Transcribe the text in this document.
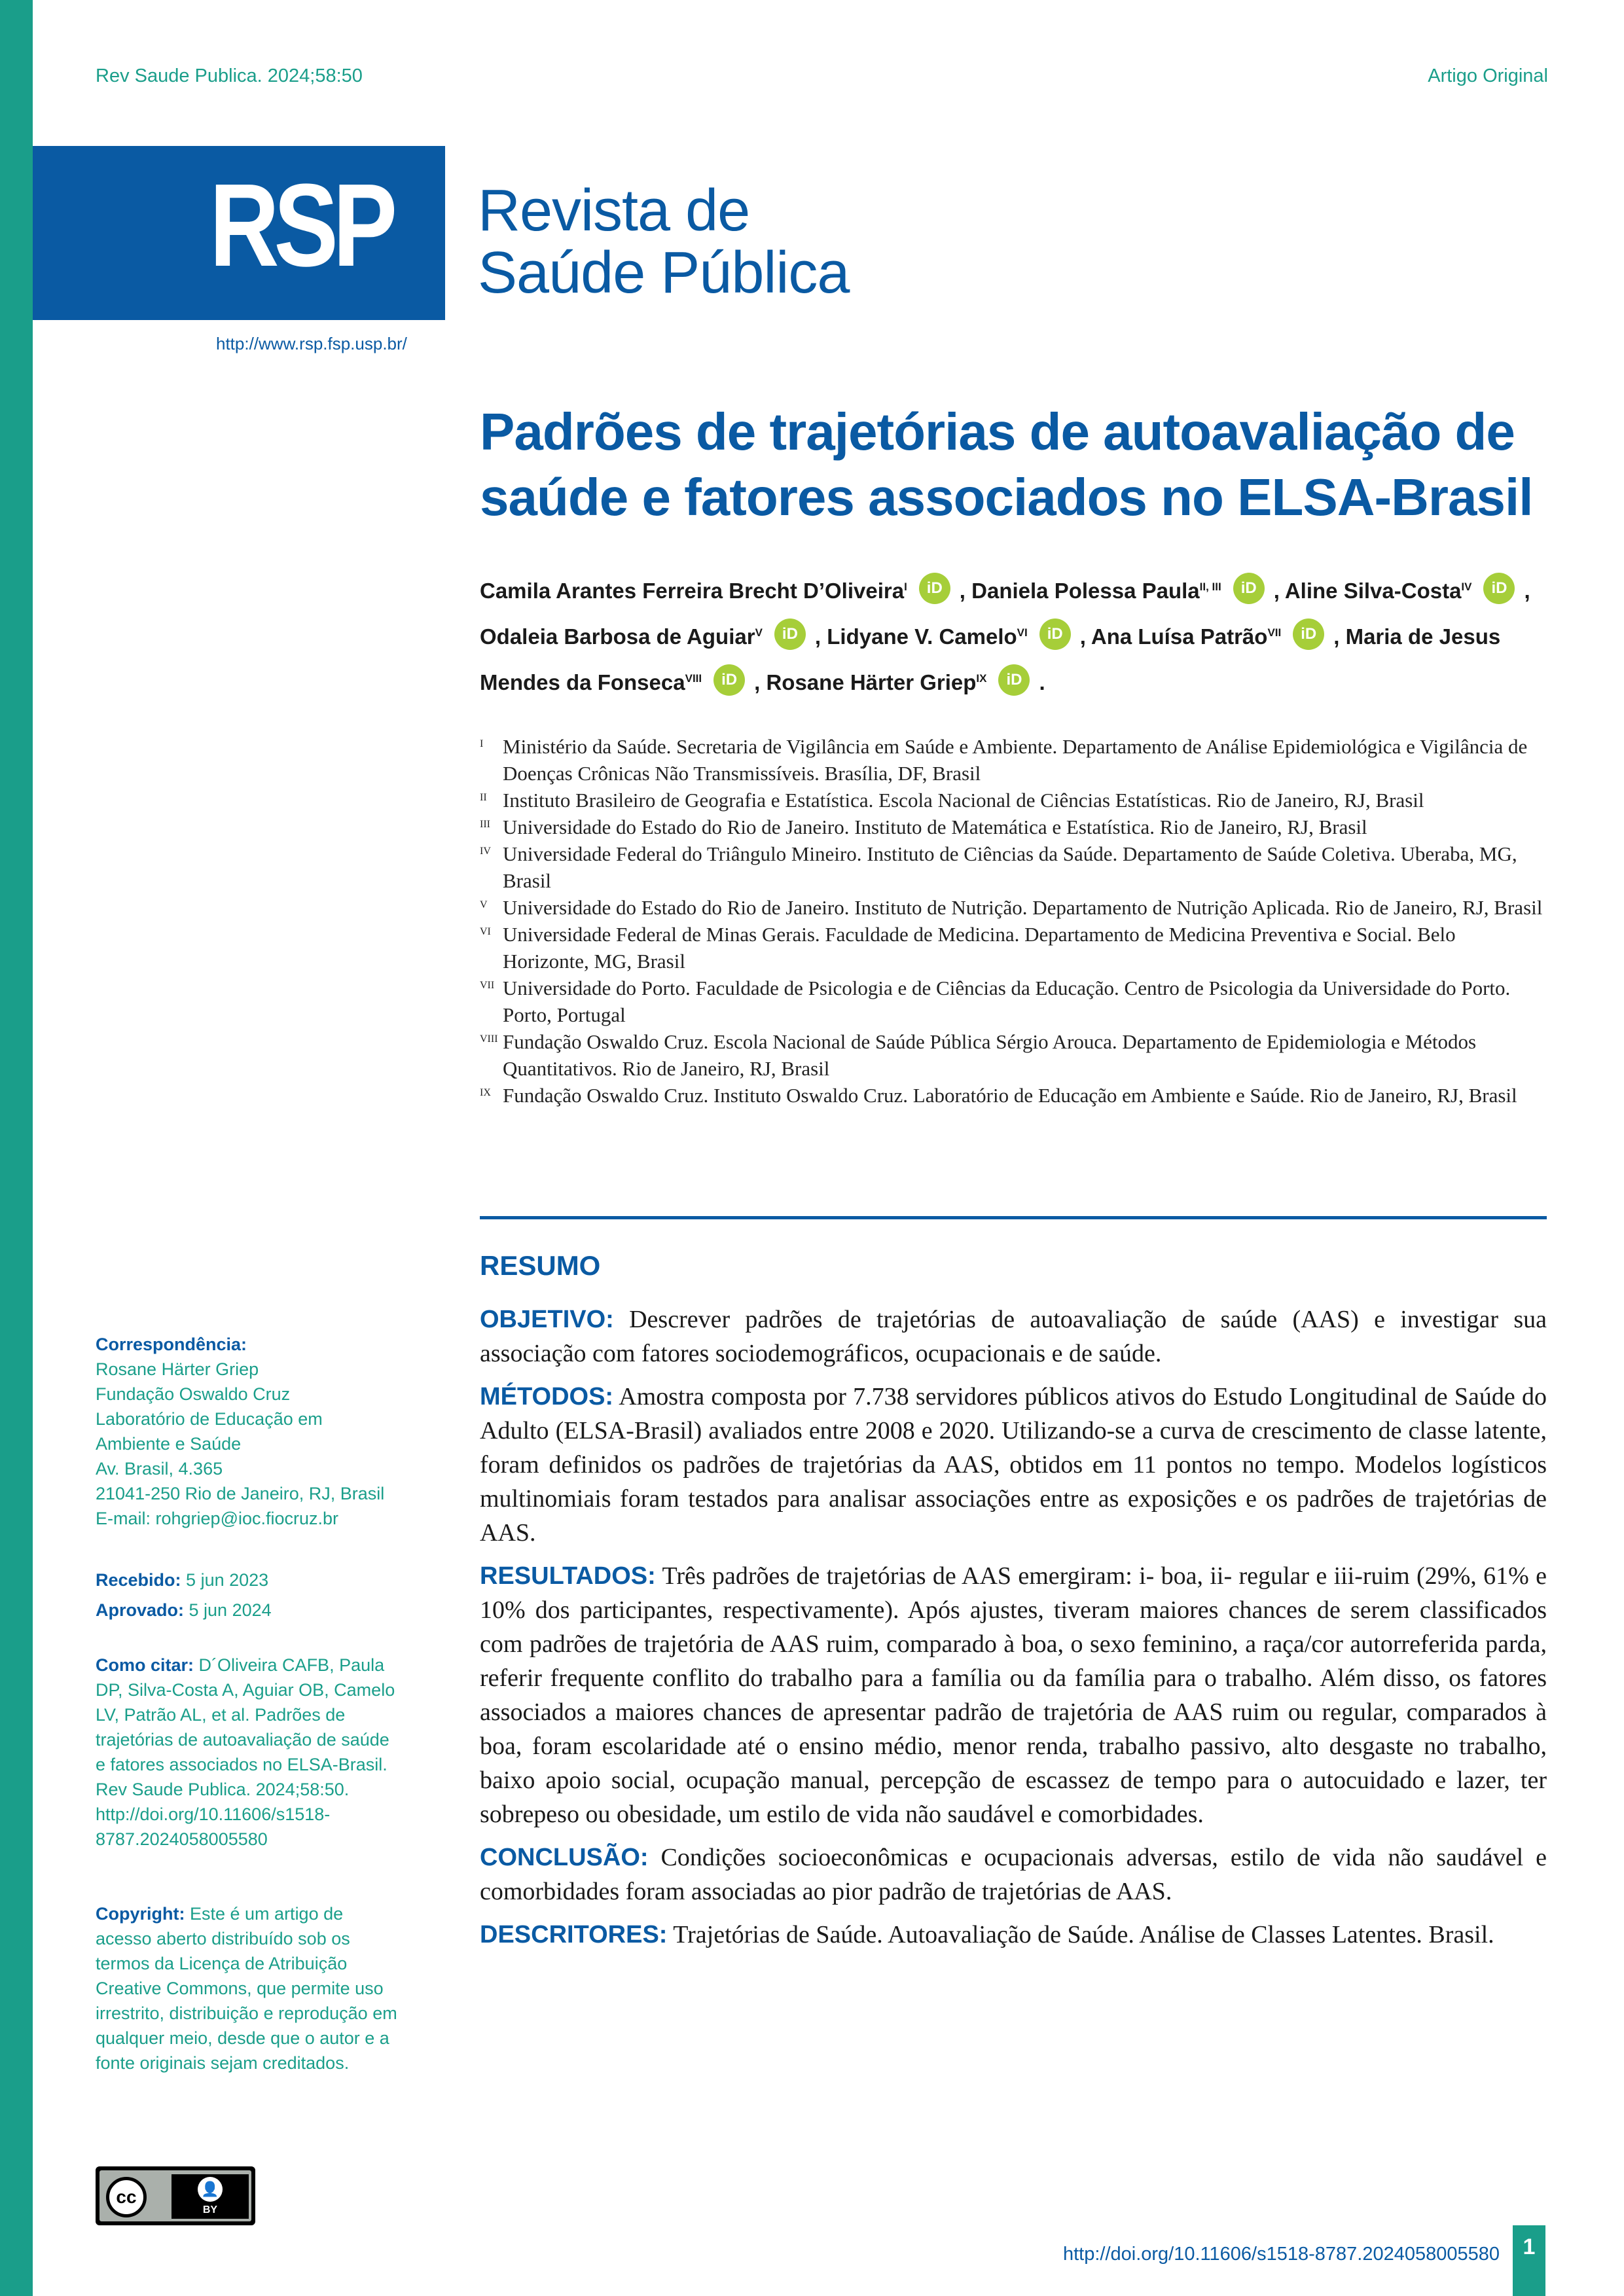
Rev Saude Publica. 2024;58:50	Artigo Original
RSP Revista de
Saúde Pública
http://www.rsp.fsp.usp.br/
Padrões de trajetórias de autoavaliação de saúde e fatores associados no ELSA-Brasil
Camila Arantes Ferreira Brecht D’Oliveira$^I$ iD , Daniela Polessa Paula$^{II, III}$ iD , Aline Silva-Costa$^{IV}$ iD , Odaleia Barbosa de Aguiar$^V$ iD , Lidyane V. Camelo$^{VI}$ iD , Ana Luísa Patrão$^{VII}$ iD , Maria de Jesus Mendes da Fonseca$^{VIII}$ iD , Rosane Härter Griep$^{IX}$ iD .
I Ministério da Saúde. Secretaria de Vigilância em Saúde e Ambiente. Departamento de Análise Epidemiológica e Vigilância de Doenças Crônicas Não Transmissíveis. Brasília, DF, Brasil
II Instituto Brasileiro de Geografia e Estatística. Escola Nacional de Ciências Estatísticas. Rio de Janeiro, RJ, Brasil
III Universidade do Estado do Rio de Janeiro. Instituto de Matemática e Estatística. Rio de Janeiro, RJ, Brasil
IV Universidade Federal do Triângulo Mineiro. Instituto de Ciências da Saúde. Departamento de Saúde Coletiva. Uberaba, MG, Brasil
V Universidade do Estado do Rio de Janeiro. Instituto de Nutrição. Departamento de Nutrição Aplicada. Rio de Janeiro, RJ, Brasil
VI Universidade Federal de Minas Gerais. Faculdade de Medicina. Departamento de Medicina Preventiva e Social. Belo Horizonte, MG, Brasil
VII Universidade do Porto. Faculdade de Psicologia e de Ciências da Educação. Centro de Psicologia da Universidade do Porto. Porto, Portugal
VIII Fundação Oswaldo Cruz. Escola Nacional de Saúde Pública Sérgio Arouca. Departamento de Epidemiologia e Métodos Quantitativos. Rio de Janeiro, RJ, Brasil
IX Fundação Oswaldo Cruz. Instituto Oswaldo Cruz. Laboratório de Educação em Ambiente e Saúde. Rio de Janeiro, RJ, Brasil
RESUMO

OBJETIVO: Descrever padrões de trajetórias de autoavaliação de saúde (AAS) e investigar sua associação com fatores sociodemográficos, ocupacionais e de saúde.

MÉTODOS: Amostra composta por 7.738 servidores públicos ativos do Estudo Longitudinal de Saúde do Adulto (ELSA-Brasil) avaliados entre 2008 e 2020. Utilizando-se a curva de crescimento de classe latente, foram definidos os padrões de trajetórias da AAS, obtidos em 11 pontos no tempo. Modelos logísticos multinomiais foram testados para analisar associações entre as exposições e os padrões de trajetórias de AAS.

RESULTADOS: Três padrões de trajetórias de AAS emergiram: i- boa, ii- regular e iii-ruim (29%, 61% e 10% dos participantes, respectivamente). Após ajustes, tiveram maiores chances de serem classificados com padrões de trajetória de AAS ruim, comparado à boa, o sexo feminino, a raça/cor autorreferida parda, referir frequente conflito do trabalho para a família ou da família para o trabalho. Além disso, os fatores associados a maiores chances de apresentar padrão de trajetória de AAS ruim ou regular, comparados à boa, foram escolaridade até o ensino médio, menor renda, trabalho passivo, alto desgaste no trabalho, baixo apoio social, ocupação manual, percepção de escassez de tempo para o autocuidado e lazer, ter sobrepeso ou obesidade, um estilo de vida não saudável e comorbidades.

CONCLUSÃO: Condições socioeconômicas e ocupacionais adversas, estilo de vida não saudável e comorbidades foram associadas ao pior padrão de trajetórias de AAS.

DESCRITORES: Trajetórias de Saúde. Autoavaliação de Saúde. Análise de Classes Latentes. Brasil.

Correspondência:
Rosane Härter Griep
Fundação Oswaldo Cruz
Laboratório de Educação em
Ambiente e Saúde
Av. Brasil, 4.365
21041-250 Rio de Janeiro, RJ, Brasil
E-mail: rohgriep@ioc.fiocruz.br
Recebido: 5 jun 2023
Aprovado: 5 jun 2024
Como citar: D´Oliveira CAFB, Paula DP, Silva-Costa A, Aguiar OB, Camelo LV, Patrão AL, et al. Padrões de trajetórias de autoavaliação de saúde e fatores associados no ELSA-Brasil. Rev Saude Publica. 2024;58:50. http://doi.org/10.11606/s1518-8787.2024058005580
Copyright: Este é um artigo de acesso aberto distribuído sob os termos da Licença de Atribuição Creative Commons, que permite uso irrestrito, distribuição e reprodução em qualquer meio, desde que o autor e a fonte originais sejam creditados.
cc	👤
BY
http://doi.org/10.11606/s1518-8787.2024058005580	1
